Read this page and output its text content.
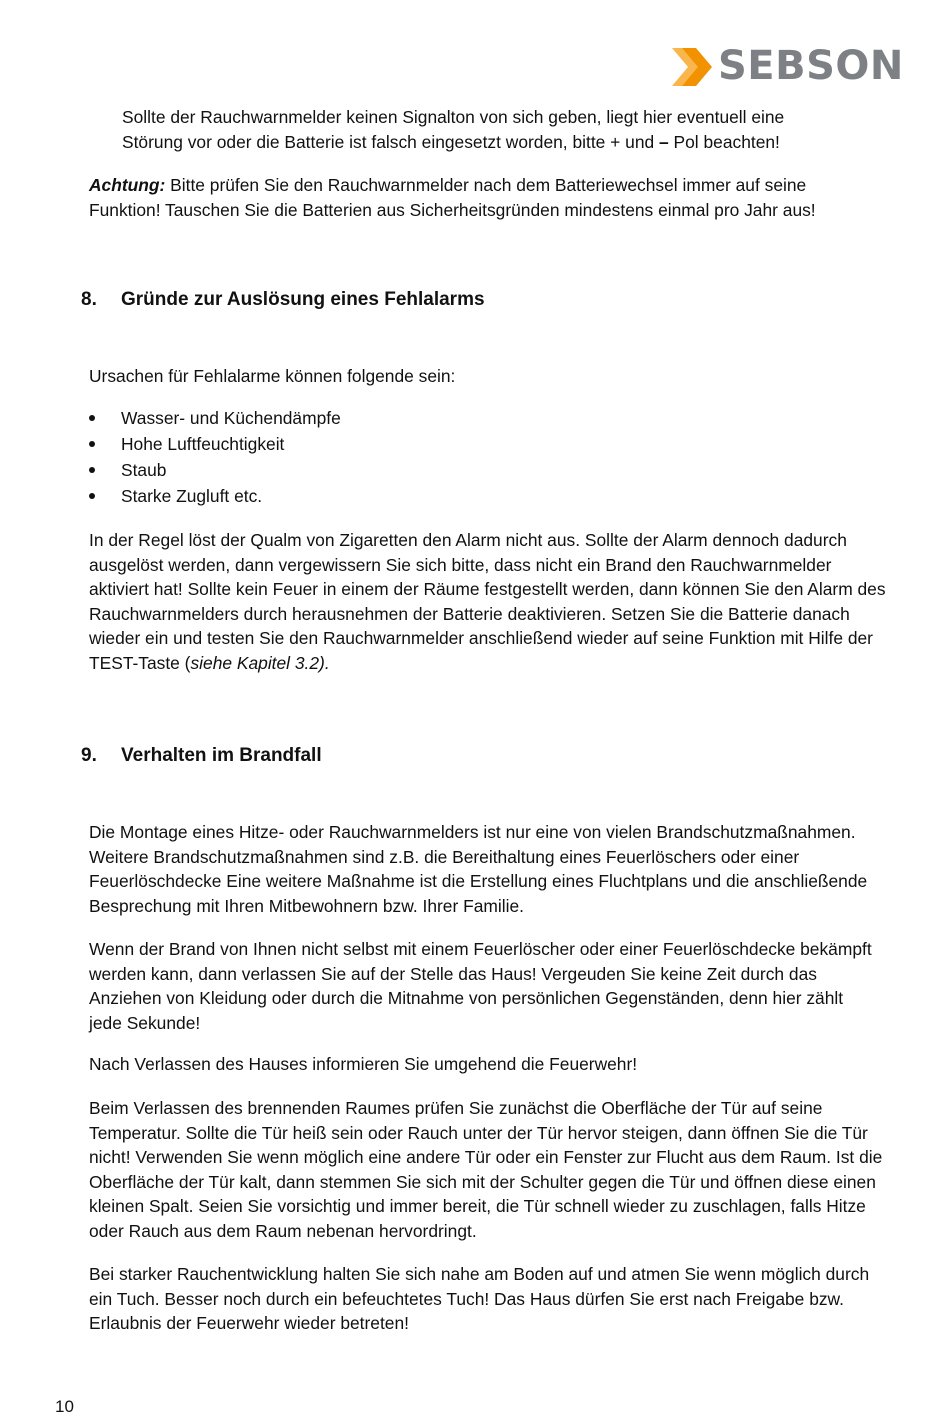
SEBSON

Sollte der Rauchwarnmelder keinen Signalton von sich geben, liegt hier eventuell eine Störung vor oder die Batterie ist falsch eingesetzt worden, bitte + und – Pol beachten!

Achtung: Bitte prüfen Sie den Rauchwarnmelder nach dem Batteriewechsel immer auf seine Funktion! Tauschen Sie die Batterien aus Sicherheitsgründen mindestens einmal pro Jahr aus!

8. Gründe zur Auslösung eines Fehlalarms

Ursachen für Fehlalarme können folgende sein:

Wasser- und Küchendämpfe
Hohe Luftfeuchtigkeit
Staub
Starke Zugluft etc.

In der Regel löst der Qualm von Zigaretten den Alarm nicht aus. Sollte der Alarm dennoch dadurch ausgelöst werden, dann vergewissern Sie sich bitte, dass nicht ein Brand den Rauchwarnmelder aktiviert hat! Sollte kein Feuer in einem der Räume festgestellt werden, dann können Sie den Alarm des Rauchwarnmelders durch herausnehmen der Batterie deaktivieren. Setzen Sie die Batterie danach wieder ein und testen Sie den Rauchwarnmelder anschließend wieder auf seine Funktion mit Hilfe der TEST-Taste (siehe Kapitel 3.2).

9. Verhalten im Brandfall

Die Montage eines Hitze- oder Rauchwarnmelders ist nur eine von vielen Brandschutzmaßnahmen. Weitere Brandschutzmaßnahmen sind z.B. die Bereithaltung eines Feuerlöschers oder einer Feuerlöschdecke Eine weitere Maßnahme ist die Erstellung eines Fluchtplans und die anschließende Besprechung mit Ihren Mitbewohnern bzw. Ihrer Familie.

Wenn der Brand von Ihnen nicht selbst mit einem Feuerlöscher oder einer Feuerlöschdecke bekämpft werden kann, dann verlassen Sie auf der Stelle das Haus! Vergeuden Sie keine Zeit durch das Anziehen von Kleidung oder durch die Mitnahme von persönlichen Gegenständen, denn hier zählt jede Sekunde!

Nach Verlassen des Hauses informieren Sie umgehend die Feuerwehr!

Beim Verlassen des brennenden Raumes prüfen Sie zunächst die Oberfläche der Tür auf seine Temperatur. Sollte die Tür heiß sein oder Rauch unter der Tür hervor steigen, dann öffnen Sie die Tür nicht! Verwenden Sie wenn möglich eine andere Tür oder ein Fenster zur Flucht aus dem Raum. Ist die Oberfläche der Tür kalt, dann stemmen Sie sich mit der Schulter gegen die Tür und öffnen diese einen kleinen Spalt. Seien Sie vorsichtig und immer bereit, die Tür schnell wieder zu zuschlagen, falls Hitze oder Rauch aus dem Raum nebenan hervordringt.

Bei starker Rauchentwicklung halten Sie sich nahe am Boden auf und atmen Sie wenn möglich durch ein Tuch. Besser noch durch ein befeuchtetes Tuch! Das Haus dürfen Sie erst nach Freigabe bzw. Erlaubnis der Feuerwehr wieder betreten!

10
